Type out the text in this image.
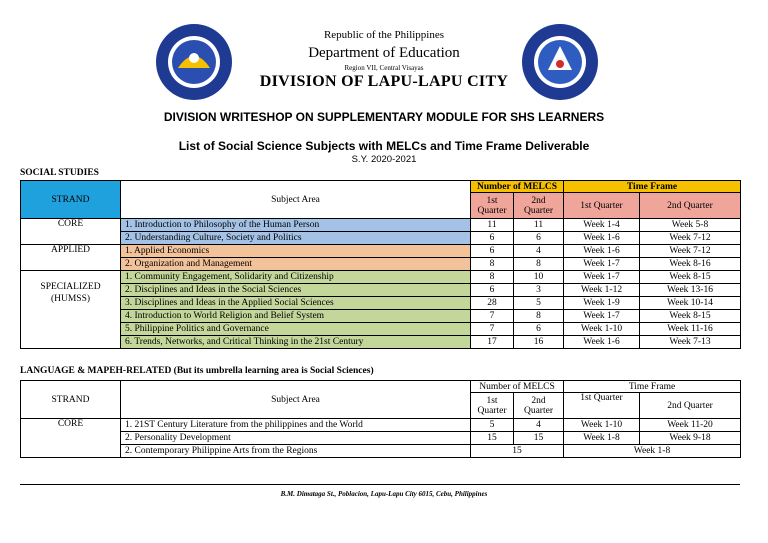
Republic of the Philippines
Department of Education
Region VII, Central Visayas
DIVISION OF LAPU-LAPU CITY
DIVISION WRITESHOP ON SUPPLEMENTARY MODULE FOR SHS LEARNERS
List of Social Science Subjects with MELCs and Time Frame Deliverable
S.Y. 2020-2021
SOCIAL STUDIES
STRAND	Subject Area	Number of MELCS		Time Frame	
		1st Quarter	2nd Quarter	1st Quarter	2nd Quarter
CORE	1. Introduction to Philosophy of the Human Person	11	11	Week 1-4	Week 5-8
	2. Understanding Culture, Society and Politics	6	6	Week 1-6	Week 7-12
APPLIED	1. Applied Economics	6	4	Week 1-6	Week 7-12
	2. Organization and Management	8	8	Week 1-7	Week 8-16
SPECIALIZED (HUMSS)	1. Community Engagement, Solidarity and Citizenship	8	10	Week 1-7	Week 8-15
	2. Disciplines and Ideas in the Social Sciences	6	3	Week 1-12	Week 13-16
	3. Disciplines and Ideas in the Applied Social Sciences	28	5	Week 1-9	Week 10-14
	4. Introduction to World Religion and Belief System	7	8	Week 1-7	Week 8-15
	5. Philippine Politics and Governance	7	6	Week 1-10	Week 11-16
	6. Trends, Networks, and Critical Thinking in the 21st Century	17	16	Week 1-6	Week 7-13
LANGUAGE & MAPEH-RELATED (But its umbrella learning area is Social Sciences)
STRAND	Subject Area	Number of MELCS		Time Frame	
		1st Quarter	2nd Quarter	1st Quarter	2nd Quarter
CORE	1. 21ST Century Literature from the philippines and the World	5	4	Week 1-10	Week 11-20
	2. Personality Development	15	15	Week 1-8	Week 9-18
	2. Contemporary Philippine Arts from the Regions	15		Week 1-8	
B.M. Dimataga St., Poblacion, Lapu-Lapu City 6015, Cebu, Philippines
